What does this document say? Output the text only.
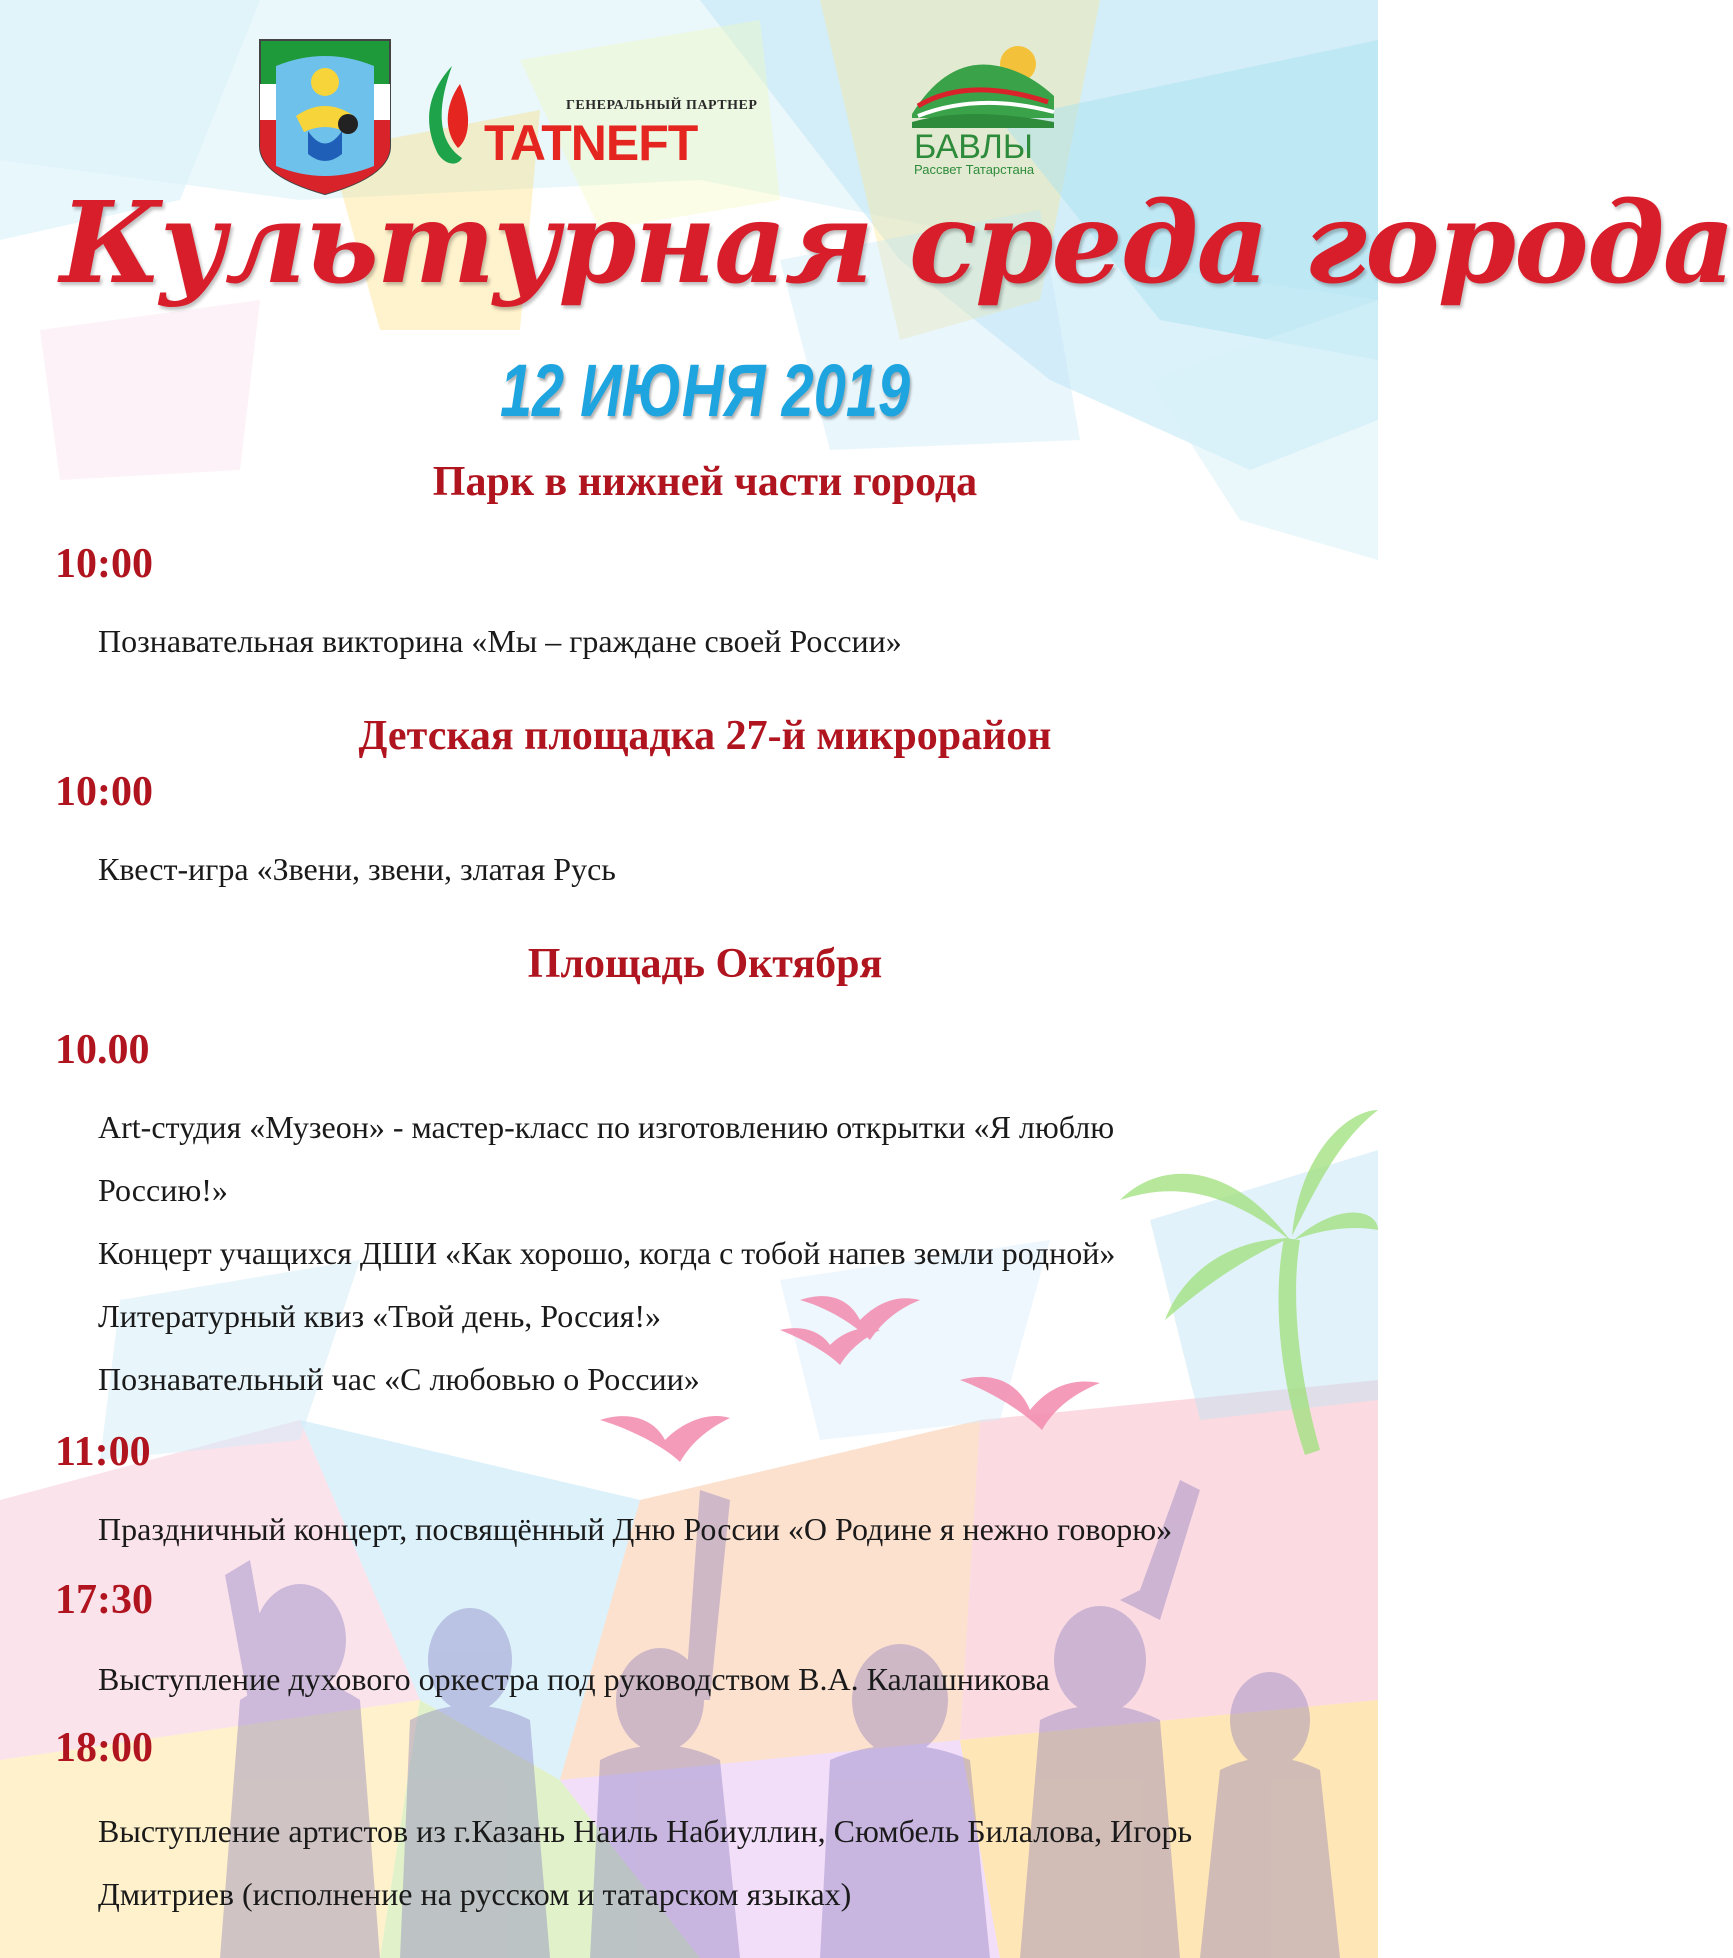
ГЕНЕРАЛЬНЫЙ ПАРТНЕР
TATNEFT	БАВЛЫ
Рассвет Татарстана
Культурная среда города
12 ИЮНЯ 2019
Парк в нижней части города
10:00
Познавательная викторина «Мы – граждане своей России»
Детская площадка 27-й микрорайон
10:00
Квест-игра «Звени, звени, златая Русь
Площадь Октября
10.00
Art-студия «Музеон» - мастер-класс по изготовлению открытки «Я люблю
Россию!»
Концерт учащихся ДШИ «Как хорошо, когда с тобой напев земли родной»
Литературный квиз «Твой день, Россия!»
Познавательный час «С любовью о России»
11:00
Праздничный концерт, посвящённый Дню России «О Родине я нежно говорю»
17:30
Выступление духового оркестра под руководством В.А. Калашникова
18:00
Выступление артистов из г.Казань Наиль Набиуллин, Сюмбель Билалова, Игорь
Дмитриев (исполнение на русском и татарском языках)
